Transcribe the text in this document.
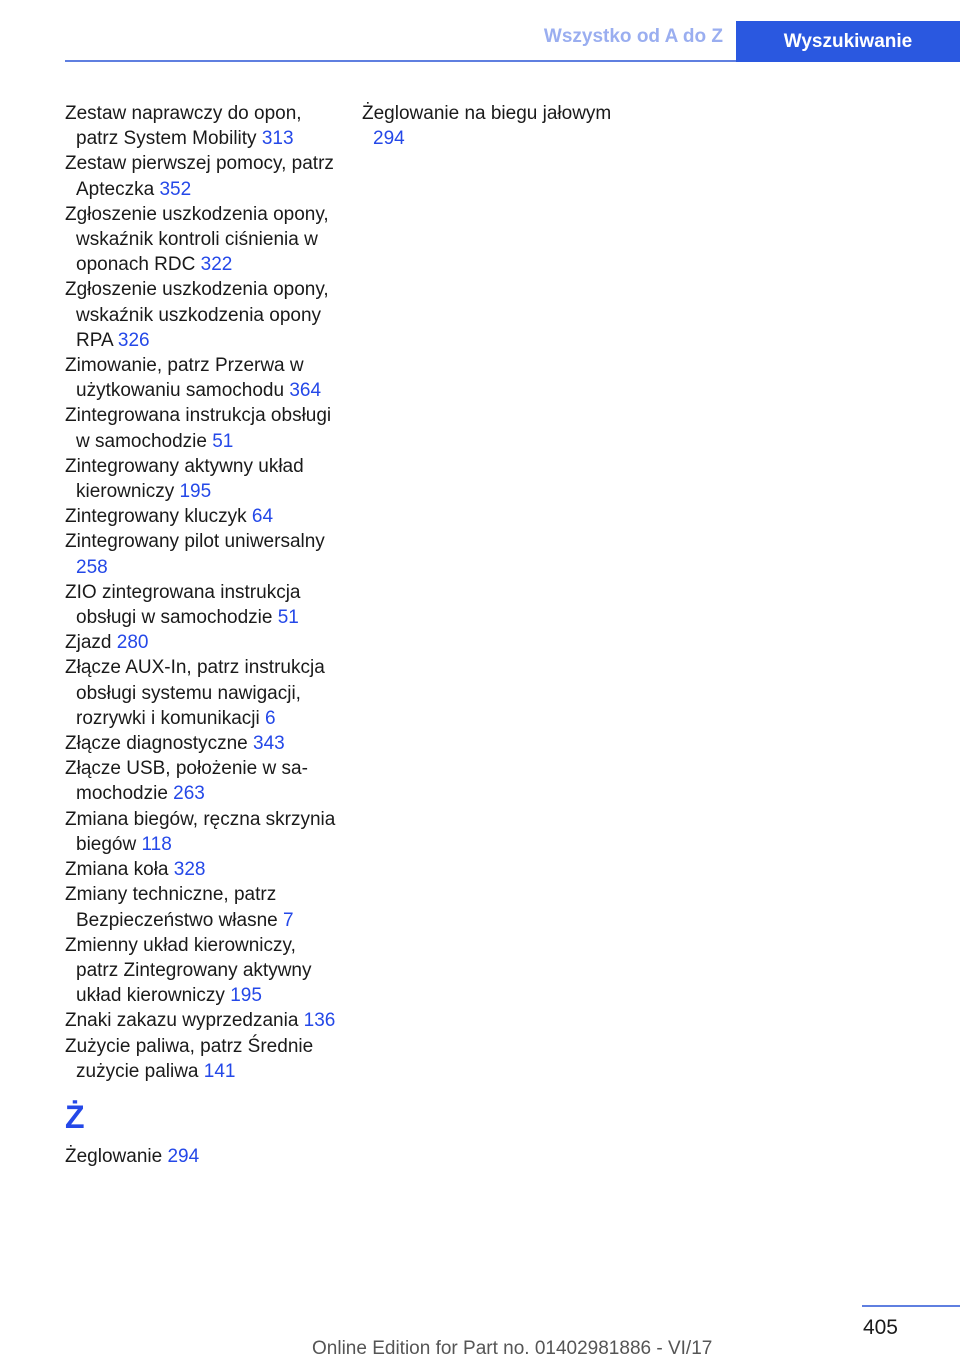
Wszystko od A do Z	Wyszukiwanie
Zestaw naprawczy do opon, patrz System Mobility 313
Zestaw pierwszej pomocy, patrz Apteczka 352
Zgłoszenie uszkodzenia opony, wskaźnik kontroli ciśnienia w oponach RDC 322
Zgłoszenie uszkodzenia opony, wskaźnik uszkodzenia opony RPA 326
Zimowanie, patrz Przerwa w użytkowaniu samochodu 364
Zintegrowana instrukcja obsługi w samochodzie 51
Zintegrowany aktywny układ kierowniczy 195
Zintegrowany kluczyk 64
Zintegrowany pilot uniwersalny 258
ZIO zintegrowana instrukcja obsługi w samochodzie 51
Zjazd 280
Złącze AUX-In, patrz instrukcja obsługi systemu nawigacji, rozrywki i komunikacji 6
Złącze diagnostyczne 343
Złącze USB, położenie w samochodzie 263
Zmiana biegów, ręczna skrzynia biegów 118
Zmiana koła 328
Zmiany techniczne, patrz Bezpieczeństwo własne 7
Zmienny układ kierowniczy, patrz Zintegrowany aktywny układ kierowniczy 195
Znaki zakazu wyprzedzania 136
Zużycie paliwa, patrz Średnie zużycie paliwa 141
Ż
Żeglowanie 294
Żeglowanie na biegu jałowym 294
405
Online Edition for Part no. 01402981886 - VI/17
